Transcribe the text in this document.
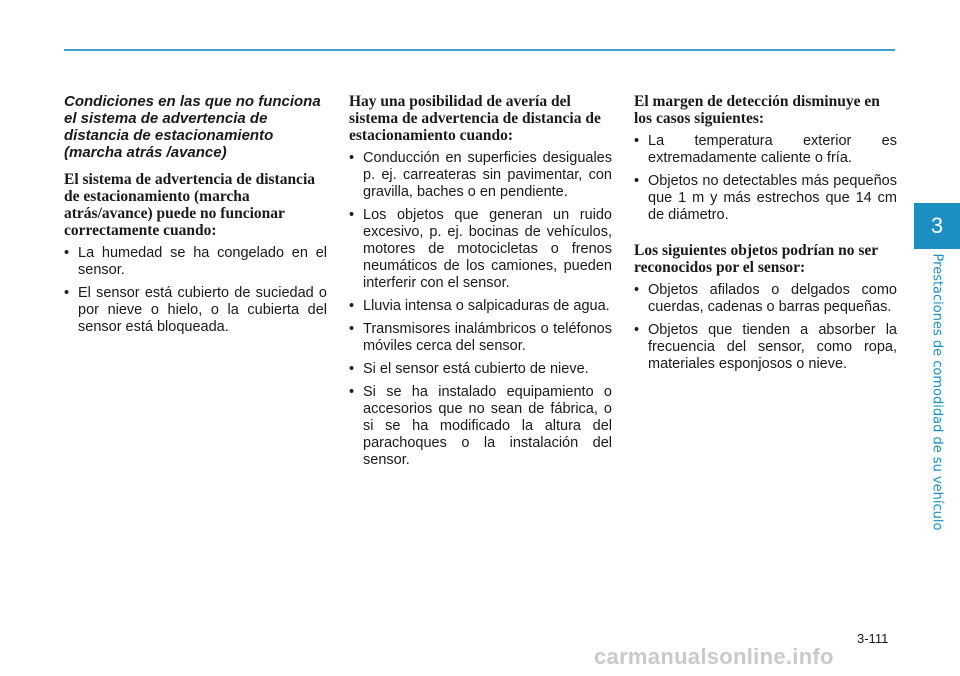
Condiciones en las que no funciona el sistema de advertencia de distancia de estacionamiento (marcha atrás /avance)
El sistema de advertencia de distancia de estacionamiento (marcha atrás/avance) puede no funcionar correctamente cuando:
• La humedad se ha congelado en el sensor.
• El sensor está cubierto de suciedad o por nieve o hielo, o la cubierta del sensor está bloqueada.
Hay una posibilidad de avería del sistema de advertencia de distancia de estacionamiento cuando:
• Conducción en superficies desiguales p. ej. carreateras sin pavimentar, con gravilla, baches o en pendiente.
• Los objetos que generan un ruido excesivo, p. ej. bocinas de vehículos, motores de motocicletas o frenos neumáticos de los camiones, pueden interferir con el sensor.
• Lluvia intensa o salpicaduras de agua.
• Transmisores inalámbricos o teléfonos móviles cerca del sensor.
• Si el sensor está cubierto de nieve.
• Si se ha instalado equipamiento o accesorios que no sean de fábrica, o si se ha modificado la altura del parachoques o la instalación del sensor.
El margen de detección disminuye en los casos siguientes:
• La temperatura exterior es extremadamente caliente o fría.
• Objetos no detectables más pequeños que 1 m y más estrechos que 14 cm de diámetro.
Los siguientes objetos podrían no ser reconocidos por el sensor:
• Objetos afilados o delgados como cuerdas, cadenas o barras pequeñas.
• Objetos que tienden a absorber la frecuencia del sensor, como ropa, materiales esponjosos o nieve.
3
Prestaciones de comodidad de su vehículo
3-111
carmanualsonline.info
